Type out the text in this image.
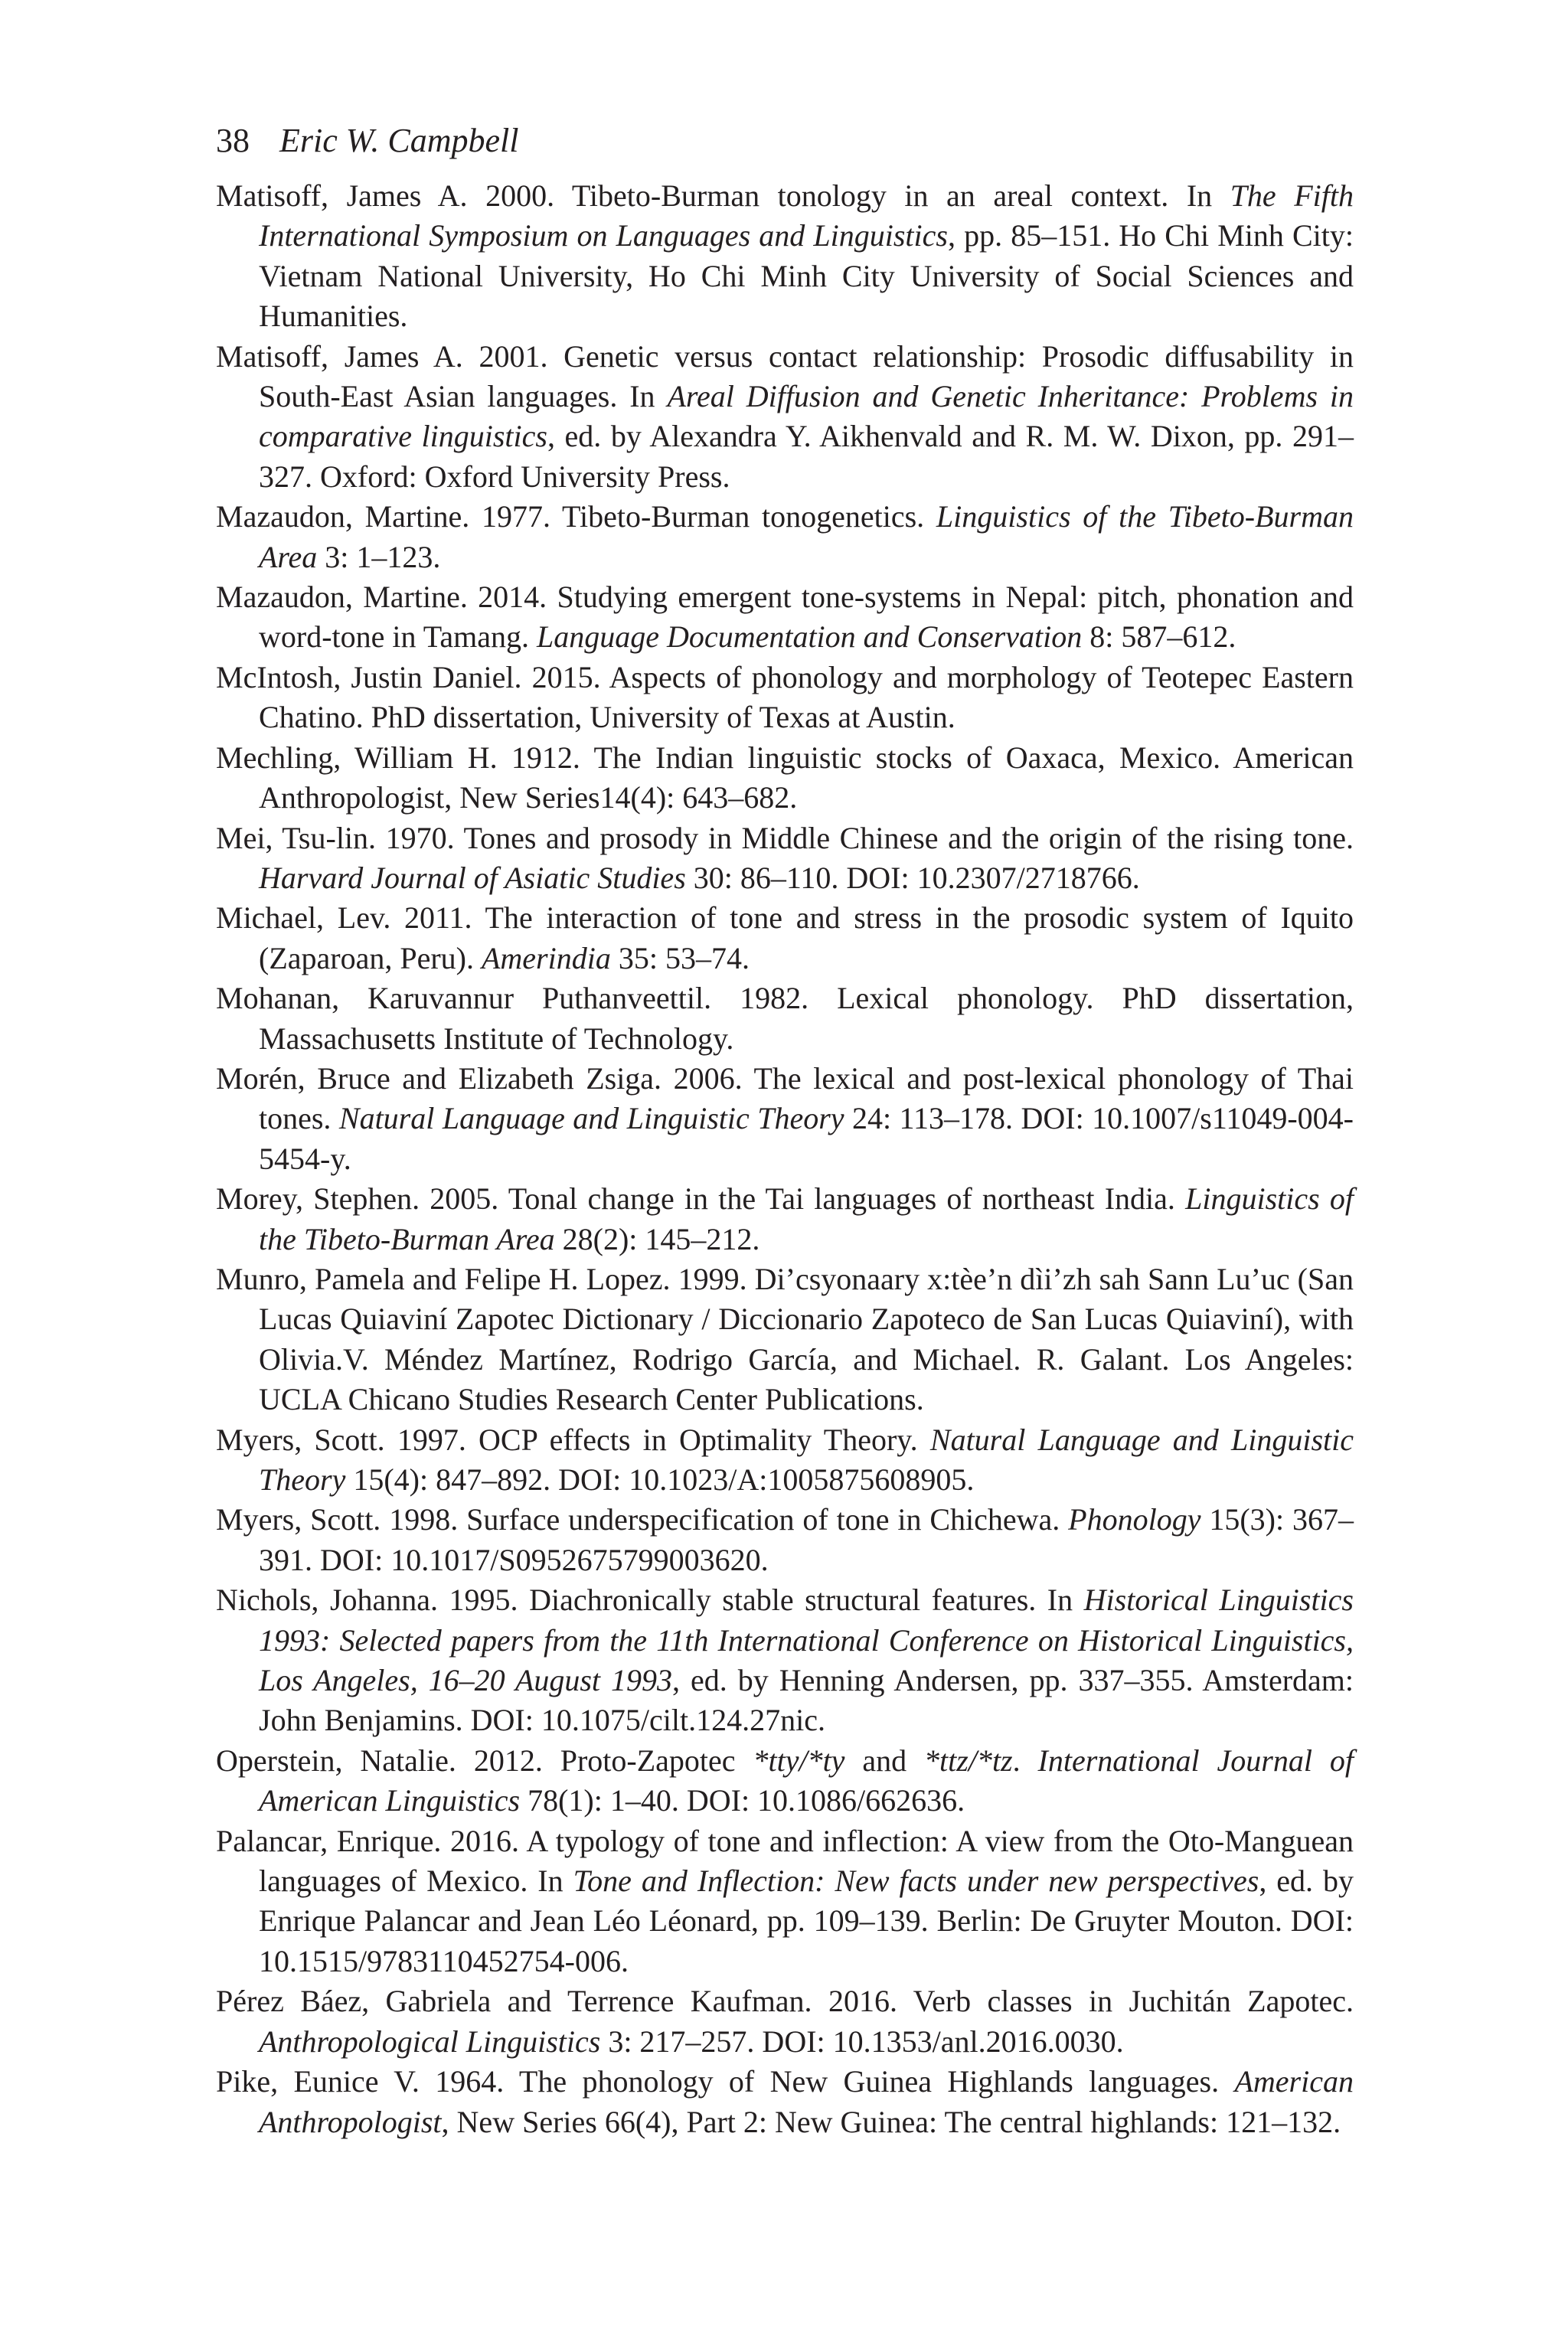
38 Eric W. Campbell

Matisoff, James A. 2000. Tibeto-Burman tonology in an areal context. In The Fifth International Symposium on Languages and Linguistics, pp. 85–151. Ho Chi Minh City: Vietnam National University, Ho Chi Minh City University of Social Sciences and Humanities.

Matisoff, James A. 2001. Genetic versus contact relationship: Prosodic diffusability in South-East Asian languages. In Areal Diffusion and Genetic Inheritance: Problems in comparative linguistics, ed. by Alexandra Y. Aikhenvald and R. M. W. Dixon, pp. 291–327. Oxford: Oxford University Press.

Mazaudon, Martine. 1977. Tibeto-Burman tonogenetics. Linguistics of the Tibeto-Burman Area 3: 1–123.

Mazaudon, Martine. 2014. Studying emergent tone-systems in Nepal: pitch, phonation and word-tone in Tamang. Language Documentation and Conservation 8: 587–612.

McIntosh, Justin Daniel. 2015. Aspects of phonology and morphology of Teotepec Eastern Chatino. PhD dissertation, University of Texas at Austin.

Mechling, William H. 1912. The Indian linguistic stocks of Oaxaca, Mexico. American Anthropologist, New Series14(4): 643–682.

Mei, Tsu-lin. 1970. Tones and prosody in Middle Chinese and the origin of the rising tone. Harvard Journal of Asiatic Studies 30: 86–110. DOI: 10.2307/2718766.

Michael, Lev. 2011. The interaction of tone and stress in the prosodic system of Iquito (Zaparoan, Peru). Amerindia 35: 53–74.

Mohanan, Karuvannur Puthanveettil. 1982. Lexical phonology. PhD dissertation, Massachusetts Institute of Technology.

Morén, Bruce and Elizabeth Zsiga. 2006. The lexical and post-lexical phonology of Thai tones. Natural Language and Linguistic Theory 24: 113–178. DOI: 10.1007/s11049-004-5454-y.

Morey, Stephen. 2005. Tonal change in the Tai languages of northeast India. Linguistics of the Tibeto-Burman Area 28(2): 145–212.

Munro, Pamela and Felipe H. Lopez. 1999. Di’csyonaary x:tèe’n dìi’zh sah Sann Lu’uc (San Lucas Quiaviní Zapotec Dictionary / Diccionario Zapoteco de San Lucas Quiaviní), with Olivia.V. Méndez Martínez, Rodrigo García, and Michael. R. Galant. Los Angeles: UCLA Chicano Studies Research Center Publications.

Myers, Scott. 1997. OCP effects in Optimality Theory. Natural Language and Linguistic Theory 15(4): 847–892. DOI: 10.1023/A:1005875608905.

Myers, Scott. 1998. Surface underspecification of tone in Chichewa. Phonology 15(3): 367–391. DOI: 10.1017/S0952675799003620.

Nichols, Johanna. 1995. Diachronically stable structural features. In Historical Linguistics 1993: Selected papers from the 11th International Conference on Historical Linguistics, Los Angeles, 16–20 August 1993, ed. by Henning Andersen, pp. 337–355. Amsterdam: John Benjamins. DOI: 10.1075/cilt.124.27nic.

Operstein, Natalie. 2012. Proto-Zapotec *tty/*ty and *ttz/*tz. International Journal of American Linguistics 78(1): 1–40. DOI: 10.1086/662636.

Palancar, Enrique. 2016. A typology of tone and inflection: A view from the Oto-Manguean languages of Mexico. In Tone and Inflection: New facts under new perspectives, ed. by Enrique Palancar and Jean Léo Léonard, pp. 109–139. Berlin: De Gruyter Mouton. DOI: 10.1515/9783110452754-006.

Pérez Báez, Gabriela and Terrence Kaufman. 2016. Verb classes in Juchitán Zapotec. Anthropological Linguistics 3: 217–257. DOI: 10.1353/anl.2016.0030.

Pike, Eunice V. 1964. The phonology of New Guinea Highlands languages. American Anthropologist, New Series 66(4), Part 2: New Guinea: The central highlands: 121–132.
